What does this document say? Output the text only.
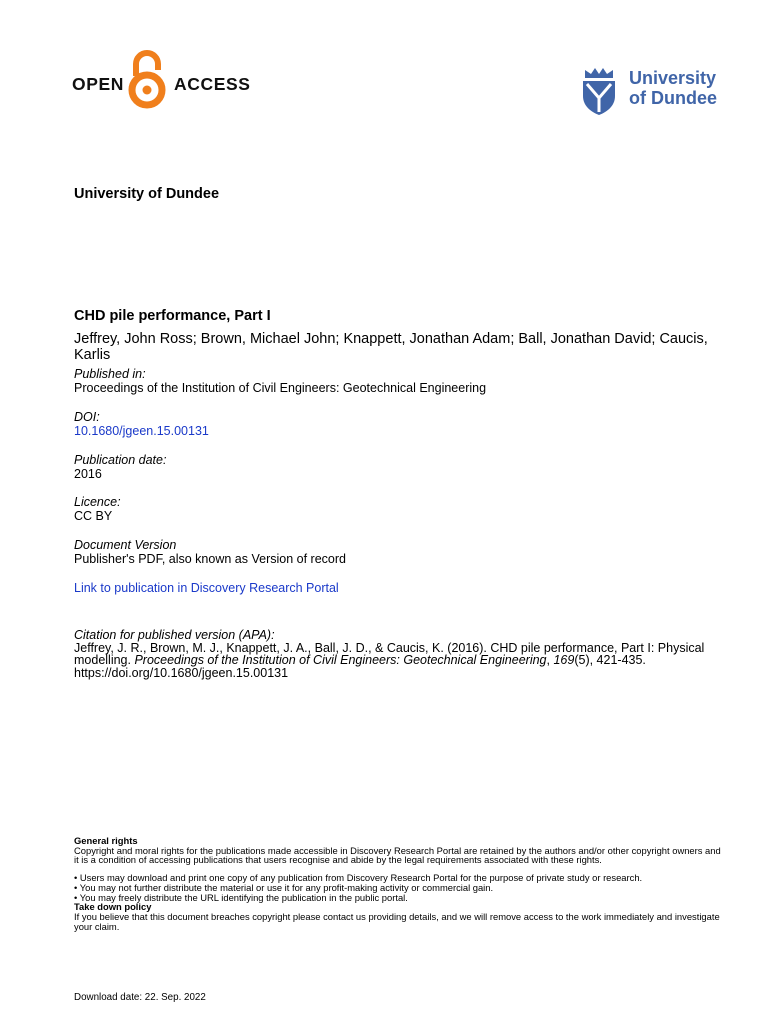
OPEN	ACCESS	University
of Dundee
University of Dundee
CHD pile performance, Part I
Jeffrey, John Ross; Brown, Michael John; Knappett, Jonathan Adam; Ball, Jonathan David; Caucis, Karlis
Published in:
Proceedings of the Institution of Civil Engineers: Geotechnical Engineering
DOI:
10.1680/jgeen.15.00131
Publication date:
2016
Licence:
CC BY
Document Version
Publisher's PDF, also known as Version of record
Link to publication in Discovery Research Portal
Citation for published version (APA):
Jeffrey, J. R., Brown, M. J., Knappett, J. A., Ball, J. D., & Caucis, K. (2016). CHD pile performance, Part I: Physical modelling. Proceedings of the Institution of Civil Engineers: Geotechnical Engineering, 169(5), 421-435. https://doi.org/10.1680/jgeen.15.00131

General rights

Copyright and moral rights for the publications made accessible in Discovery Research Portal are retained by the authors and/or other copyright owners and it is a condition of accessing publications that users recognise and abide by the legal requirements associated with these rights.

• Users may download and print one copy of any publication from Discovery Research Portal for the purpose of private study or research.

• You may not further distribute the material or use it for any profit-making activity or commercial gain.

• You may freely distribute the URL identifying the publication in the public portal.

Take down policy

If you believe that this document breaches copyright please contact us providing details, and we will remove access to the work immediately and investigate your claim.

Download date: 22. Sep. 2022
